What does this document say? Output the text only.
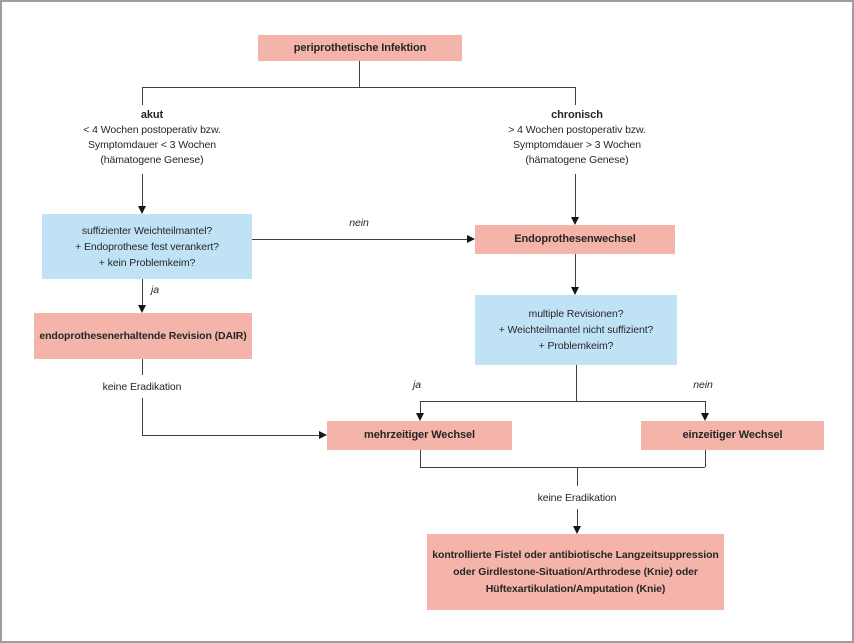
periprothetische Infektion
akut
< 4 Wochen postoperativ bzw.
Symptomdauer < 3 Wochen
(hämatogene Genese)
chronisch
> 4 Wochen postoperativ bzw.
Symptomdauer > 3 Wochen
(hämatogene Genese)
suffizienter Weichteilmantel?
+ Endoprothese fest verankert?
+ kein Problemkeim?
nein
Endoprothesenwechsel
multiple Revisionen?
+ Weichteilmantel nicht suffizient?
+ Problemkeim?
ja
endoprothesenerhaltende Revision (DAIR)
keine Eradikation	ja	nein
mehrzeitiger Wechsel	einzeitiger Wechsel
keine Eradikation
kontrollierte Fistel oder antibiotische Langzeitsuppression
oder Girdlestone-Situation/Arthrodese (Knie) oder
Hüftexartikulation/Amputation (Knie)
